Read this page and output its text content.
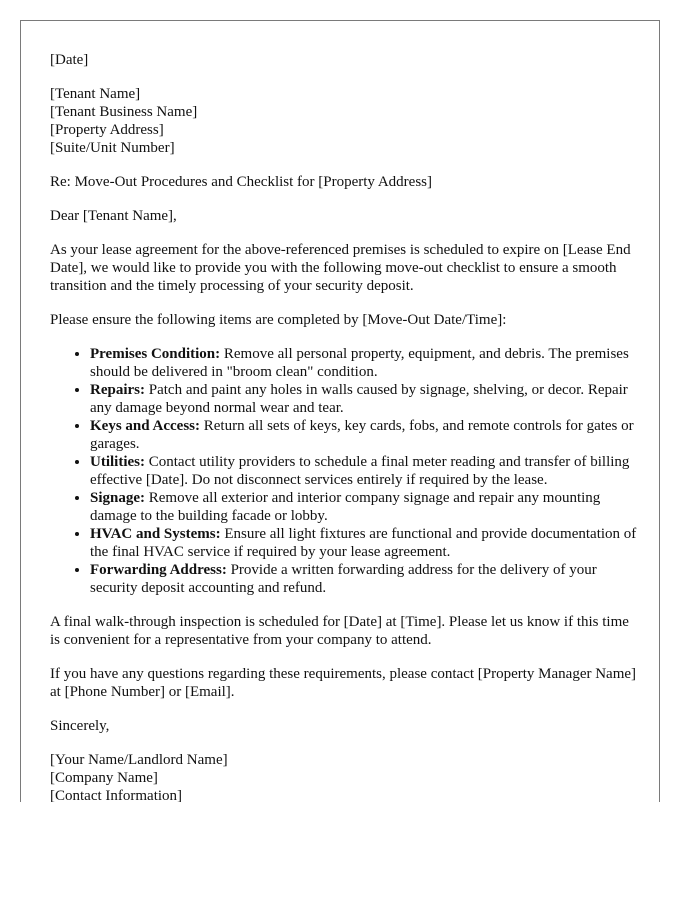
[Date]

[Tenant Name]
[Tenant Business Name]
[Property Address]
[Suite/Unit Number]

Re: Move-Out Procedures and Checklist for [Property Address]

Dear [Tenant Name],

As your lease agreement for the above-referenced premises is scheduled to expire on [Lease End Date], we would like to provide you with the following move-out checklist to ensure a smooth transition and the timely processing of your security deposit.

Please ensure the following items are completed by [Move-Out Date/Time]:

• Premises Condition: Remove all personal property, equipment, and debris. The premises should be delivered in "broom clean" condition.
• Repairs: Patch and paint any holes in walls caused by signage, shelving, or decor. Repair any damage beyond normal wear and tear.
• Keys and Access: Return all sets of keys, key cards, fobs, and remote controls for gates or garages.
• Utilities: Contact utility providers to schedule a final meter reading and transfer of billing effective [Date]. Do not disconnect services entirely if required by the lease.
• Signage: Remove all exterior and interior company signage and repair any mounting damage to the building facade or lobby.
• HVAC and Systems: Ensure all light fixtures are functional and provide documentation of the final HVAC service if required by your lease agreement.
• Forwarding Address: Provide a written forwarding address for the delivery of your security deposit accounting and refund.

A final walk-through inspection is scheduled for [Date] at [Time]. Please let us know if this time is convenient for a representative from your company to attend.

If you have any questions regarding these requirements, please contact [Property Manager Name] at [Phone Number] or [Email].

Sincerely,

[Your Name/Landlord Name]
[Company Name]
[Contact Information]
